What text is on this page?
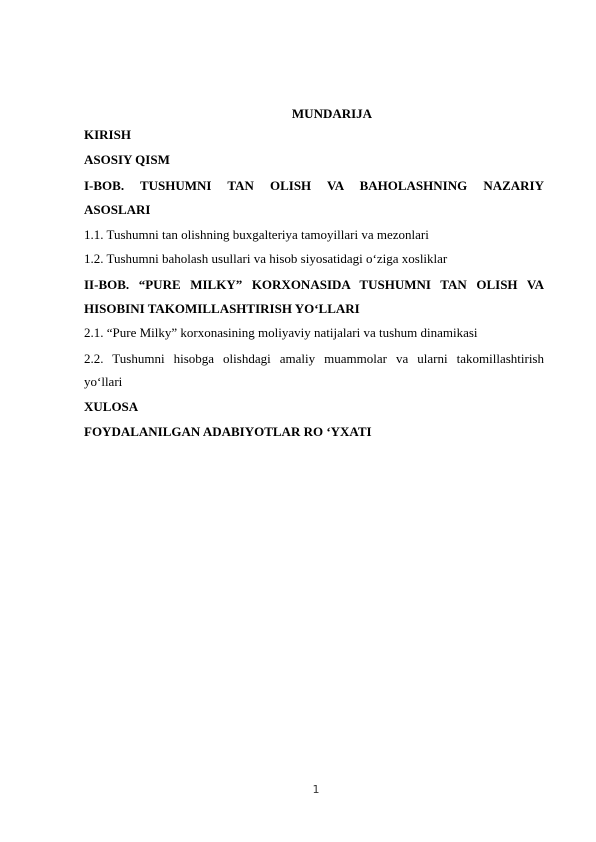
MUNDARIJA
KIRISH
ASOSIY QISM
I-BOB. TUSHUMNI TAN OLISH VA BAHOLASHNING NAZARIY
ASOSLARI
1.1. Tushumni tan olishning buxgalteriya tamoyillari va mezonlari
1.2. Tushumni baholash usullari va hisob siyosatidagi o‘ziga xosliklar
II-BOB. “PURE MILKY” KORXONASIDA TUSHUMNI TAN OLISH VA
HISOBINI TAKOMILLASHTIRISH YO‘LLARI
2.1. “Pure Milky” korxonasining moliyaviy natijalari va tushum dinamikasi
2.2. Tushumni hisobga olishdagi amaliy muammolar va ularni takomillashtirish
yo‘llari
XULOSA
FOYDALANILGAN ADABIYOTLAR RO ‘YXATI
1
